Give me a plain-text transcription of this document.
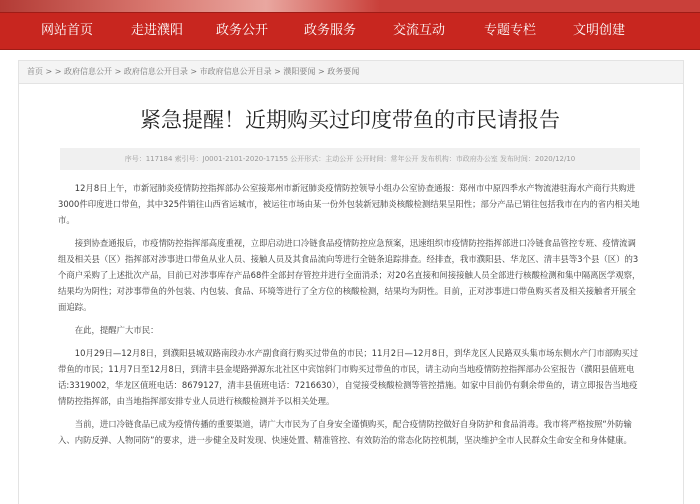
网站首页	走进濮阳	政务公开	政务服务	交流互动	专题专栏	文明创建
首页 > > 政府信息公开 > 政府信息公开目录 > 市政府信息公开目录 > 濮阳要闻 > 政务要闻
紧急提醒！近期购买过印度带鱼的市民请报告
序号：117184 索引号：J0001-2101-2020-17155 公开形式：主动公开 公开时间：常年公开 发布机构：市政府办公室 发布时间：2020/12/10

12月8日上午，市新冠肺炎疫情防控指挥部办公室接郑州市新冠肺炎疫情防控领导小组办公室协查通报：郑州市中原四季水产物流港驻海水产商行共购进3000件印度进口带鱼，其中325件销往山西省运城市，被运往市场由某一份外包装新冠肺炎核酸检测结果呈阳性；部分产品已销往包括我市在内的省内相关地市。

接到协查通报后，市疫情防控指挥部高度重视，立即启动进口冷链食品疫情防控应急预案，迅速组织市疫情防控指挥部进口冷链食品管控专班、疫情流调组及相关县（区）指挥部对涉事进口带鱼从业人员、接触人员及其食品流向等进行全链条追踪排查。经排查，我市濮阳县、华龙区、清丰县等3个县（区）的3个商户采购了上述批次产品，目前已对涉事库存产品68件全部封存管控并进行全面消杀；对20名直接和间接接触人员全部进行核酸检测和集中隔离医学观察，结果均为阴性；对涉事带鱼的外包装、内包装、食品、环境等进行了全方位的核酸检测，结果均为阴性。目前，正对涉事进口带鱼购买者及相关接触者开展全面追踪。

在此，提醒广大市民：

10月29日—12月8日，到濮阳县城双路南段办水产副食商行购买过带鱼的市民；11月2日—12月8日，到华龙区人民路双头集市场东侧水产门市部购买过带鱼的市民；11月7日至12月8日，到清丰县金堤路弹源东北社区中宾馆斜门市购买过带鱼的市民，请主动向当地疫情防控指挥部办公室报告（濮阳县值班电话:3319002，华龙区值班电话：8679127，清丰县值班电话：7216630），自觉接受核酸检测等管控措施。如家中目前仍有剩余带鱼的，请立即报告当地疫情防控指挥部，由当地指挥部安排专业人员进行核酸检测并予以相关处理。

当前，进口冷链食品已成为疫情传播的重要渠道，请广大市民为了自身安全谨慎购买，配合疫情防控做好自身防护和食品消毒。我市将严格按照“外防输入、内防反弹、人物同防”的要求，进一步健全及时发现、快速处置、精准管控、有效防治的常态化防控机制，坚决维护全市人民群众生命安全和身体健康。
